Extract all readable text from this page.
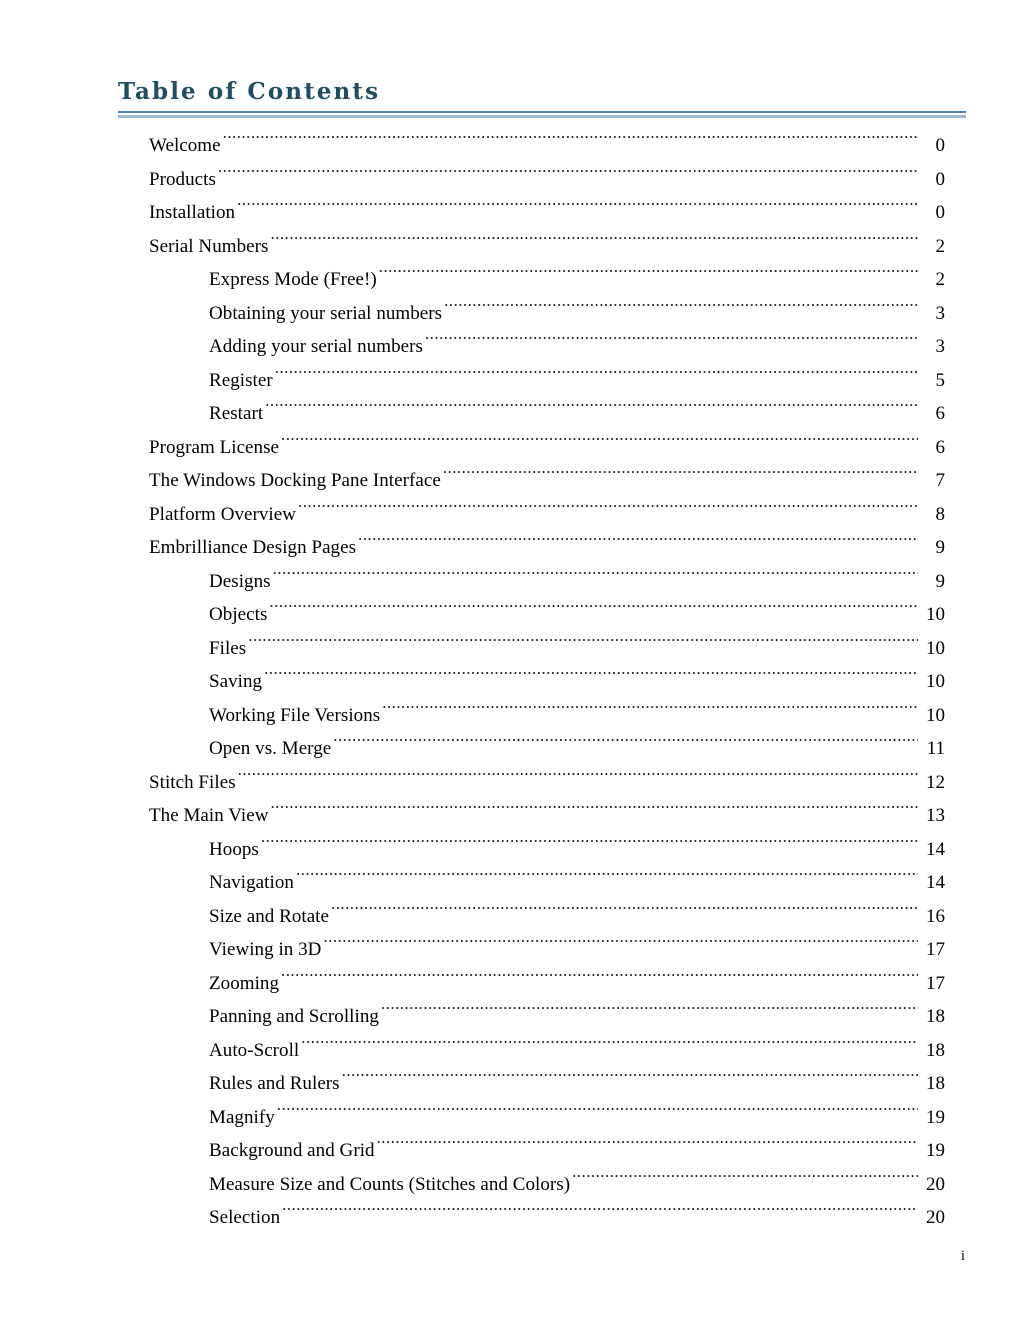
Table of Contents
Welcome . . .	0
Products . . .	0
Installation . . .	0
Serial Numbers . . .	2
Express Mode (Free!) . . .	2
Obtaining your serial numbers . . .	3
Adding your serial numbers . . .	3
Register . . .	5
Restart . . .	6
Program License . . .	6
The Windows Docking Pane Interface . . .	7
Platform Overview . . .	8
Embrilliance Design Pages . . .	9
Designs . . .	9
Objects . . .	10
Files . . .	10
Saving . . .	10
Working File Versions . . .	10
Open vs. Merge . . .	11
Stitch Files . . .	12
The Main View . . .	13
Hoops . . .	14
Navigation . . .	14
Size and Rotate . . .	16
Viewing in 3D . . .	17
Zooming . . .	17
Panning and Scrolling . . .	18
Auto-Scroll . . .	18
Rules and Rulers . . .	18
Magnify . . .	19
Background and Grid . . .	19
Measure Size and Counts (Stitches and Colors) . . .	20
Selection . . .	20
i
